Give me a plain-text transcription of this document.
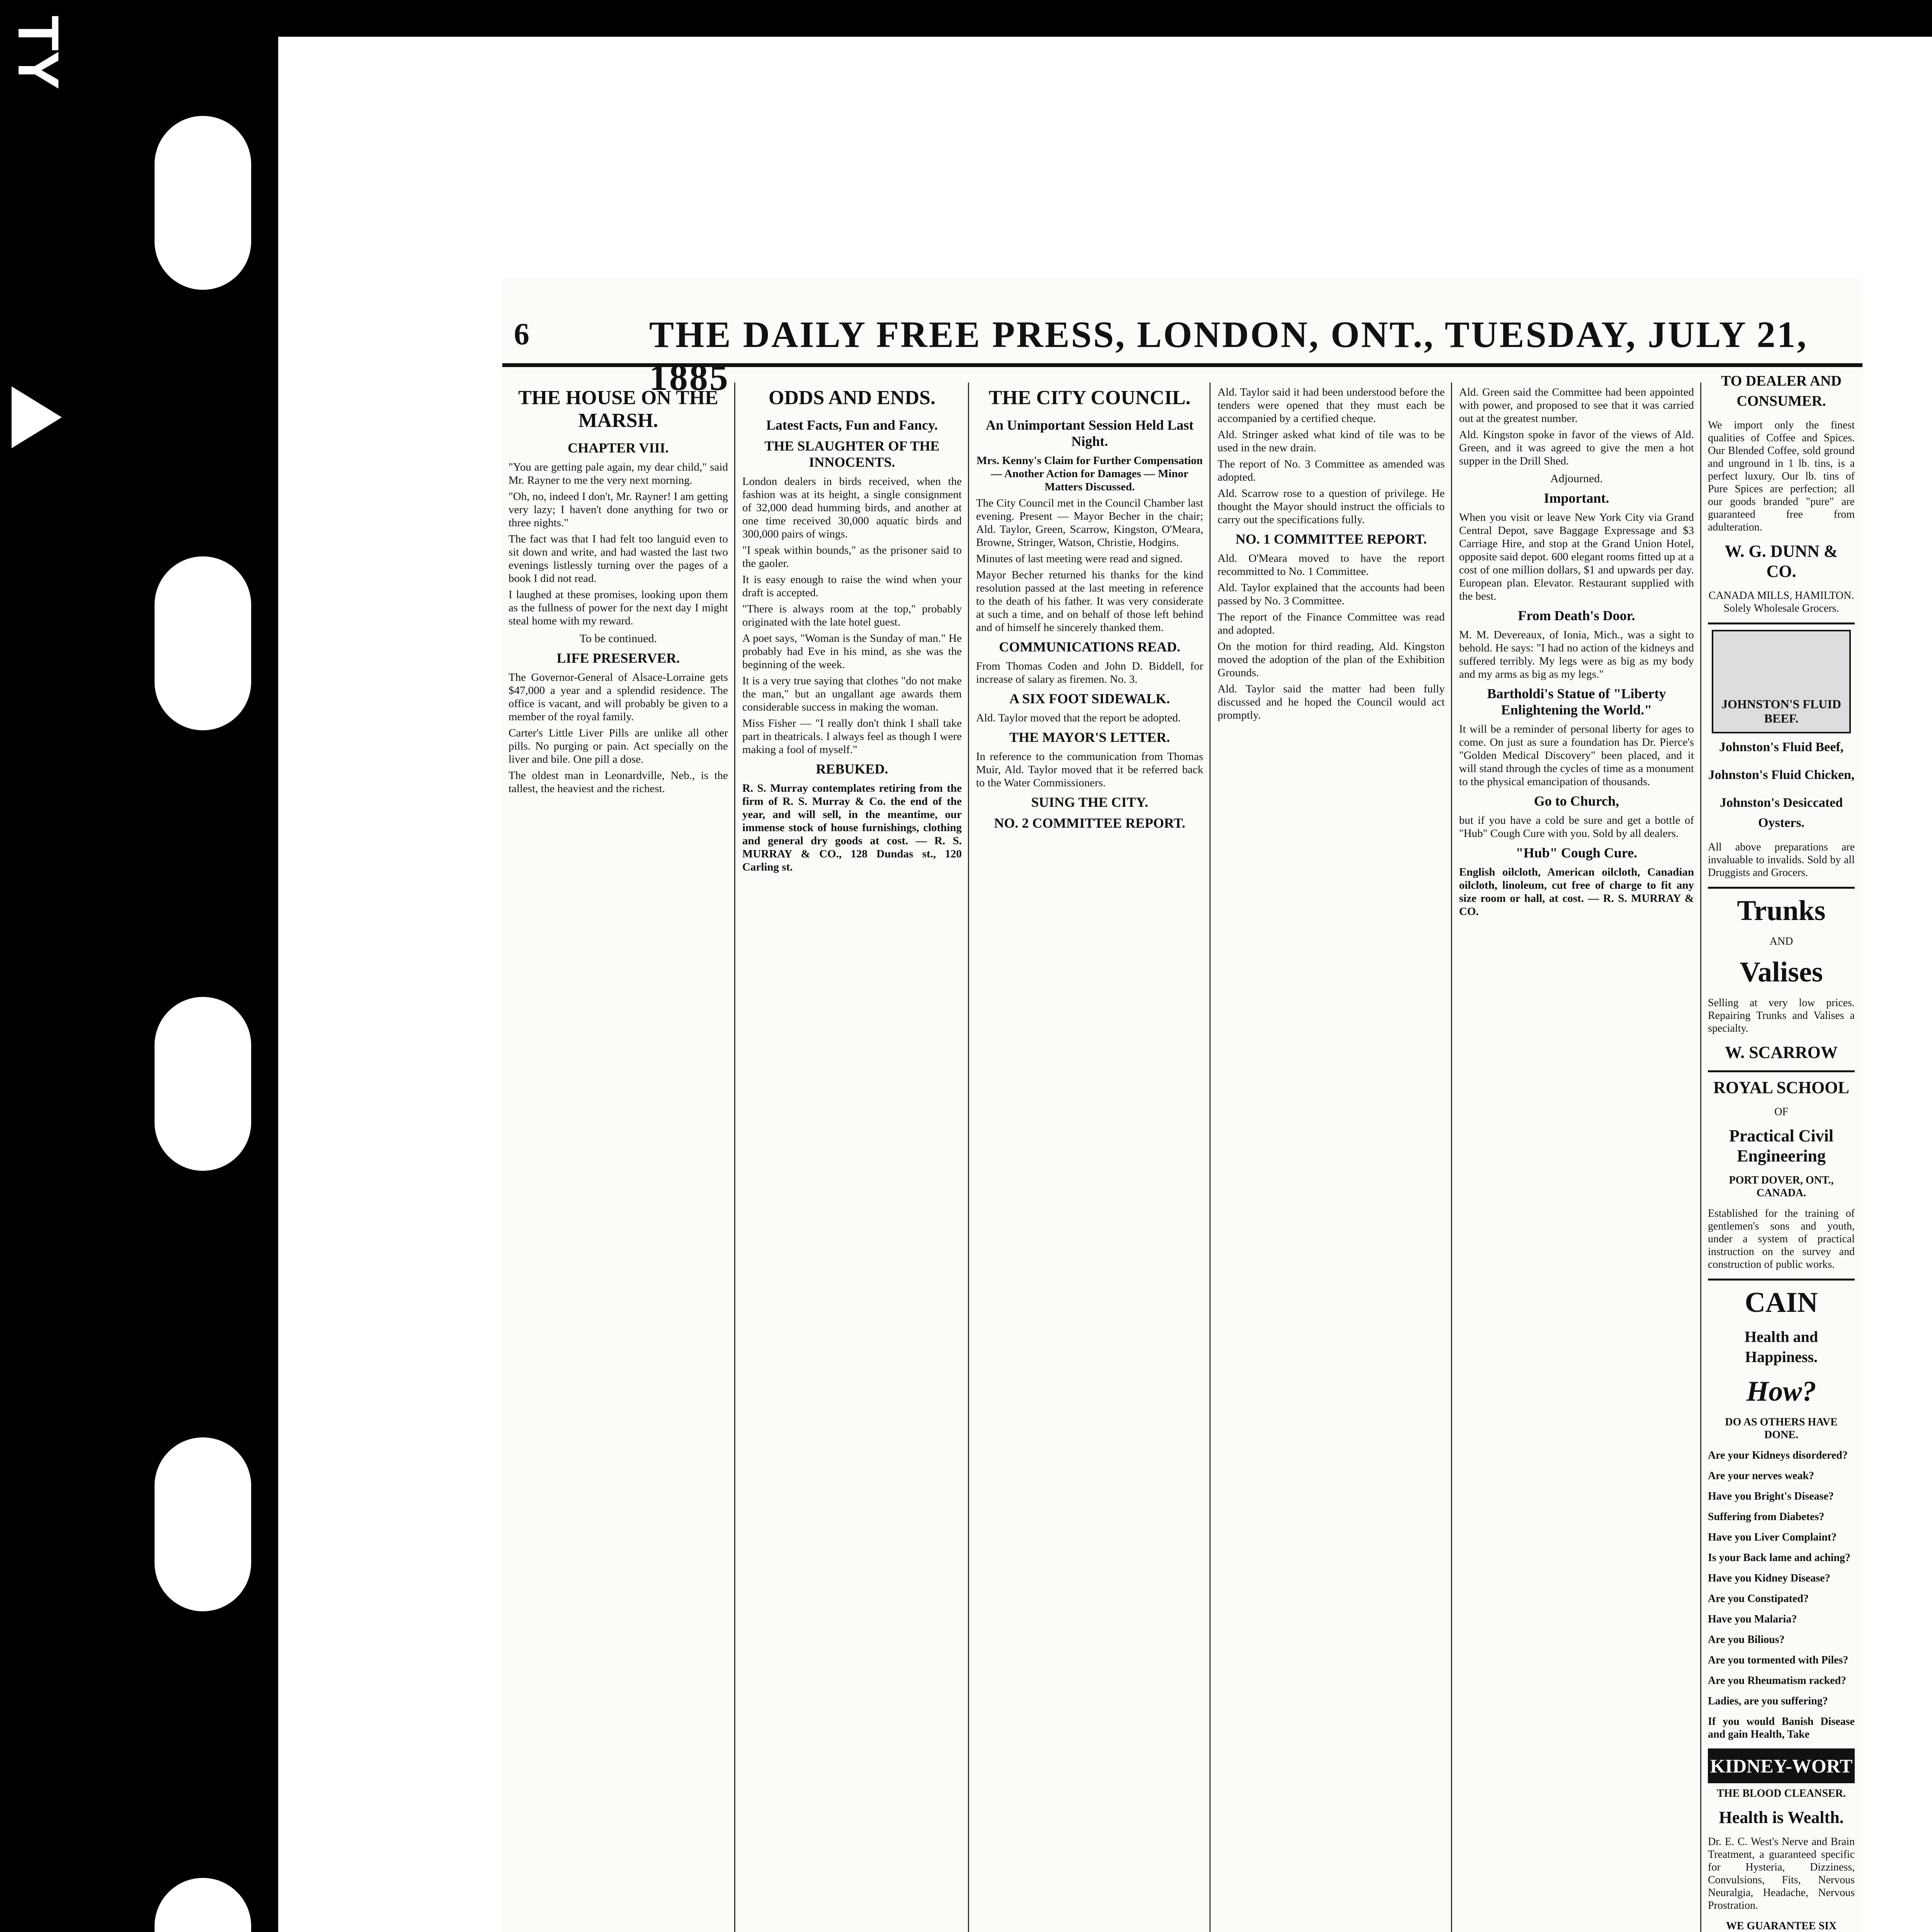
TY
6	THE DAILY FREE PRESS, LONDON, ONT., TUESDAY, JULY 21, 1885
THE HOUSE ON THE MARSH.
CHAPTER VIII.

"You are getting pale again, my dear child," said Mr. Rayner to me the very next morning.

"Oh, no, indeed I don't, Mr. Rayner! I am getting very lazy; I haven't done anything for two or three nights."

The fact was that I had felt too languid even to sit down and write, and had wasted the last two evenings listlessly turning over the pages of a book I did not read.

I laughed at these promises, looking upon them as the fullness of power for the next day I might steal home with my reward.

To be continued.
LIFE PRESERVER.

The Governor-General of Alsace-Lorraine gets $47,000 a year and a splendid residence. The office is vacant, and will probably be given to a member of the royal family.

Carter's Little Liver Pills are unlike all other pills. No purging or pain. Act specially on the liver and bile. One pill a dose.

The oldest man in Leonardville, Neb., is the tallest, the heaviest and the richest.

ODDS AND ENDS.
Latest Facts, Fun and Fancy.
THE SLAUGHTER OF THE INNOCENTS.

London dealers in birds received, when the fashion was at its height, a single consignment of 32,000 dead humming birds, and another at one time received 30,000 aquatic birds and 300,000 pairs of wings.

"I speak within bounds," as the prisoner said to the gaoler.

It is easy enough to raise the wind when your draft is accepted.

"There is always room at the top," probably originated with the late hotel guest.

A poet says, "Woman is the Sunday of man." He probably had Eve in his mind, as she was the beginning of the week.

It is a very true saying that clothes "do not make the man," but an ungallant age awards them considerable success in making the woman.

Miss Fisher — "I really don't think I shall take part in theatricals. I always feel as though I were making a fool of myself."

REBUKED.

R. S. Murray contemplates retiring from the firm of R. S. Murray & Co. the end of the year, and will sell, in the meantime, our immense stock of house furnishings, clothing and general dry goods at cost. — R. S. MURRAY & CO., 128 Dundas st., 120 Carling st.

THE CITY COUNCIL.
An Unimportant Session Held Last Night.

Mrs. Kenny's Claim for Further Compensation — Another Action for Damages — Minor Matters Discussed.

The City Council met in the Council Chamber last evening. Present — Mayor Becher in the chair; Ald. Taylor, Green, Scarrow, Kingston, O'Meara, Browne, Stringer, Watson, Christie, Hodgins.

Minutes of last meeting were read and signed.

Mayor Becher returned his thanks for the kind resolution passed at the last meeting in reference to the death of his father. It was very considerate at such a time, and on behalf of those left behind and of himself he sincerely thanked them.

COMMUNICATIONS READ.

From Thomas Coden and John D. Biddell, for increase of salary as firemen. No. 3.

A SIX FOOT SIDEWALK.

Ald. Taylor moved that the report be adopted.

THE MAYOR'S LETTER.

In reference to the communication from Thomas Muir, Ald. Taylor moved that it be referred back to the Water Commissioners.

SUING THE CITY.
NO. 2 COMMITTEE REPORT.

Ald. Taylor said it had been understood before the tenders were opened that they must each be accompanied by a certified cheque.

Ald. Stringer asked what kind of tile was to be used in the new drain.

The report of No. 3 Committee as amended was adopted.

Ald. Scarrow rose to a question of privilege. He thought the Mayor should instruct the officials to carry out the specifications fully.

NO. 1 COMMITTEE REPORT.

Ald. O'Meara moved to have the report recommitted to No. 1 Committee.

Ald. Taylor explained that the accounts had been passed by No. 3 Committee.

The report of the Finance Committee was read and adopted.

On the motion for third reading, Ald. Kingston moved the adoption of the plan of the Exhibition Grounds.

Ald. Taylor said the matter had been fully discussed and he hoped the Council would act promptly.

Ald. Green said the Committee had been appointed with power, and proposed to see that it was carried out at the greatest number.

Ald. Kingston spoke in favor of the views of Ald. Green, and it was agreed to give the men a hot supper in the Drill Shed.

Adjourned.
Important.

When you visit or leave New York City via Grand Central Depot, save Baggage Expressage and $3 Carriage Hire, and stop at the Grand Union Hotel, opposite said depot. 600 elegant rooms fitted up at a cost of one million dollars, $1 and upwards per day. European plan. Elevator. Restaurant supplied with the best.

From Death's Door.

M. M. Devereaux, of Ionia, Mich., was a sight to behold. He says: "I had no action of the kidneys and suffered terribly. My legs were as big as my body and my arms as big as my legs."

Bartholdi's Statue of "Liberty Enlightening the World."

It will be a reminder of personal liberty for ages to come. On just as sure a foundation has Dr. Pierce's "Golden Medical Discovery" been placed, and it will stand through the cycles of time as a monument to the physical emancipation of thousands.

Go to Church,

but if you have a cold be sure and get a bottle of "Hub" Cough Cure with you. Sold by all dealers.

"Hub" Cough Cure.

English oilcloth, American oilcloth, Canadian oilcloth, linoleum, cut free of charge to fit any size room or hall, at cost. — R. S. MURRAY & CO.

TO DEALER AND CONSUMER.
We import only the finest qualities of Coffee and Spices. Our Blended Coffee, sold ground and unground in 1 lb. tins, is a perfect luxury. Our lb. tins of Pure Spices are perfection; all our goods branded "pure" are guaranteed free from adulteration.
W. G. DUNN & CO.
CANADA MILLS, HAMILTON. Solely Wholesale Grocers.
JOHNSTON'S FLUID BEEF.
Johnston's Fluid Beef,
Johnston's Fluid Chicken,
Johnston's Desiccated Oysters.
All above preparations are invaluable to invalids. Sold by all Druggists and Grocers.
Trunks
AND
Valises
Selling at very low prices. Repairing Trunks and Valises a specialty.
W. SCARROW
ROYAL SCHOOL
OF
Practical Civil Engineering
PORT DOVER, ONT., CANADA.
Established for the training of gentlemen's sons and youth, under a system of practical instruction on the survey and construction of public works.
CAIN
Health and Happiness.
How?
DO AS OTHERS HAVE DONE.
Are your Kidneys disordered?
Are your nerves weak?
Have you Bright's Disease?
Suffering from Diabetes?
Have you Liver Complaint?
Is your Back lame and aching?
Have you Kidney Disease?
Are you Constipated?
Have you Malaria?
Are you Bilious?
Are you tormented with Piles?
Are you Rheumatism racked?
Ladies, are you suffering?
If you would Banish Disease and gain Health, Take
KIDNEY-WORT
THE BLOOD CLEANSER.
Health is Wealth.
Dr. E. C. West's Nerve and Brain Treatment, a guaranteed specific for Hysteria, Dizziness, Convulsions, Fits, Nervous Neuralgia, Headache, Nervous Prostration.
WE GUARANTEE SIX
